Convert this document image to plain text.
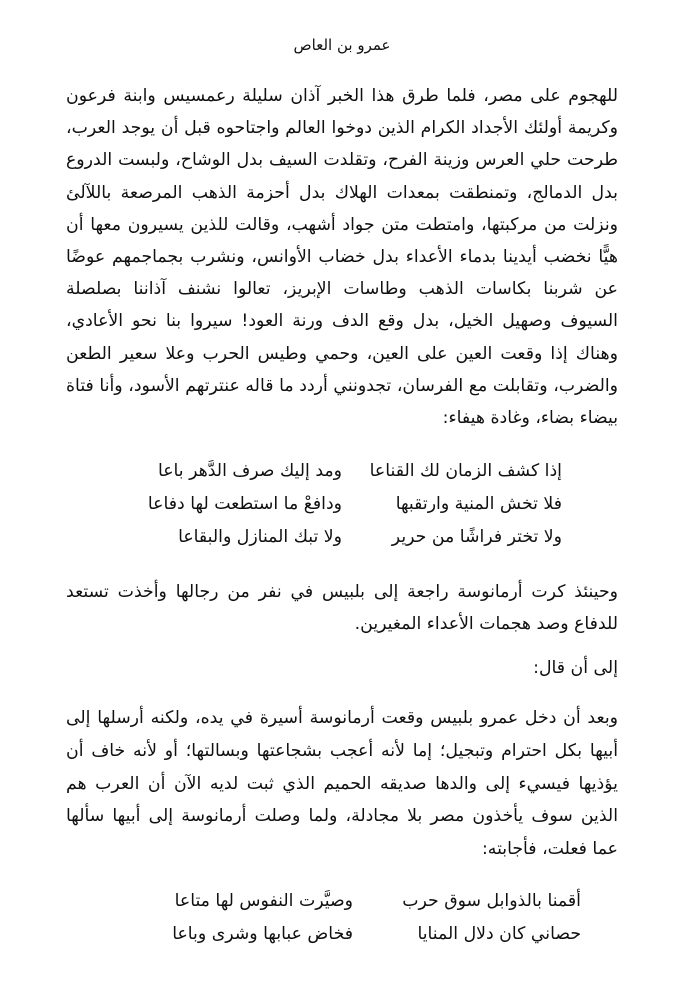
عمرو بن العاص

للهجوم على مصر، فلما طرق هذا الخبر آذان سليلة رعمسيس وابنة فرعون وكريمة أولئك الأجداد الكرام الذين دوخوا العالم واجتاحوه قبل أن يوجد العرب، طرحت حلي العرس وزينة الفرح، وتقلدت السيف بدل الوشاح، ولبست الدروع بدل الدمالج، وتمنطقت بمعدات الهلاك بدل أحزمة الذهب المرصعة باللآلئ ونزلت من مركبتها، وامتطت متن جواد أشهب، وقالت للذين يسيرون معها أن هيًّا نخضب أيدينا بدماء الأعداء بدل خضاب الأوانس، ونشرب بجماجمهم عوضًا عن شربنا بكاسات الذهب وطاسات الإبريز، تعالوا نشنف آذاننا بصلصلة السيوف وصهيل الخيل، بدل وقع الدف ورنة العود! سيروا بنا نحو الأعادي، وهناك إذا وقعت العين على العين، وحمي وطيس الحرب وعلا سعير الطعن والضرب، وتقابلت مع الفرسان، تجدونني أردد ما قاله عنترتهم الأسود، وأنا فتاة بيضاء بضاء، وغادة هيفاء:

إذا كشف الزمان لك القناعا
ومد إليك صرف الدَّهر باعا
فلا تخش المنية وارتقبها
ودافعْ ما استطعت لها دفاعا
ولا تختر فراشًا من حرير
ولا تبك المنازل والبقاعا

وحينئذ كرت أرمانوسة راجعة إلى بلبيس في نفر من رجالها وأخذت تستعد للدفاع وصد هجمات الأعداء المغيرين.

إلى أن قال:

وبعد أن دخل عمرو بلبيس وقعت أرمانوسة أسيرة في يده، ولكنه أرسلها إلى أبيها بكل احترام وتبجيل؛ إما لأنه أعجب بشجاعتها وبسالتها؛ أو لأنه خاف أن يؤذيها فيسيء إلى والدها صديقه الحميم الذي ثبت لديه الآن أن العرب هم الذين سوف يأخذون مصر بلا مجادلة، ولما وصلت أرمانوسة إلى أبيها سألها عما فعلت، فأجابته:

أقمنا بالذوابل سوق حرب
وصيَّرت النفوس لها متاعا
حصاني كان دلال المنايا
فخاض عبابها وشرى وباعا
